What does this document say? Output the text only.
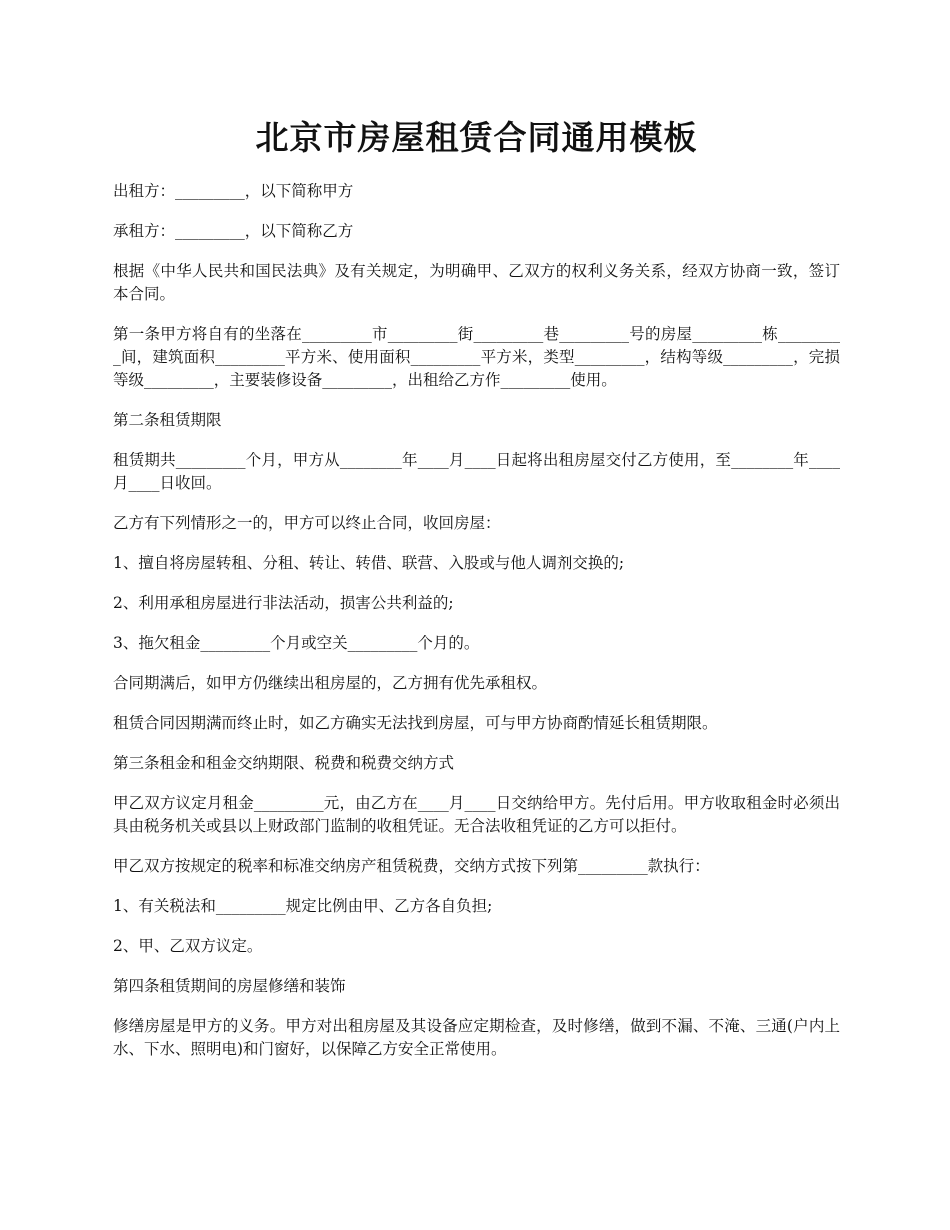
北京市房屋租赁合同通用模板

出租方：_________，以下简称甲方

承租方：_________，以下简称乙方

根据《中华人民共和国民法典》及有关规定，为明确甲、乙双方的权利义务关系，经双方协商一致，签订本合同。

第一条甲方将自有的坐落在_________市_________街_________巷_________号的房屋_________栋_________间，建筑面积_________平方米、使用面积_________平方米，类型_________，结构等级_________，完损等级_________，主要装修设备_________，出租给乙方作_________使用。

第二条租赁期限

租赁期共_________个月，甲方从________年____月____日起将出租房屋交付乙方使用，至________年____月____日收回。

乙方有下列情形之一的，甲方可以终止合同，收回房屋：

1、擅自将房屋转租、分租、转让、转借、联营、入股或与他人调剂交换的;

2、利用承租房屋进行非法活动，损害公共利益的;

3、拖欠租金_________个月或空关_________个月的。

合同期满后，如甲方仍继续出租房屋的，乙方拥有优先承租权。

租赁合同因期满而终止时，如乙方确实无法找到房屋，可与甲方协商酌情延长租赁期限。

第三条租金和租金交纳期限、税费和税费交纳方式

甲乙双方议定月租金_________元，由乙方在____月____日交纳给甲方。先付后用。甲方收取租金时必须出具由税务机关或县以上财政部门监制的收租凭证。无合法收租凭证的乙方可以拒付。

甲乙双方按规定的税率和标准交纳房产租赁税费，交纳方式按下列第_________款执行：

1、有关税法和_________规定比例由甲、乙方各自负担;

2、甲、乙双方议定。

第四条租赁期间的房屋修缮和装饰

修缮房屋是甲方的义务。甲方对出租房屋及其设备应定期检查，及时修缮，做到不漏、不淹、三通(户内上水、下水、照明电)和门窗好，以保障乙方安全正常使用。
